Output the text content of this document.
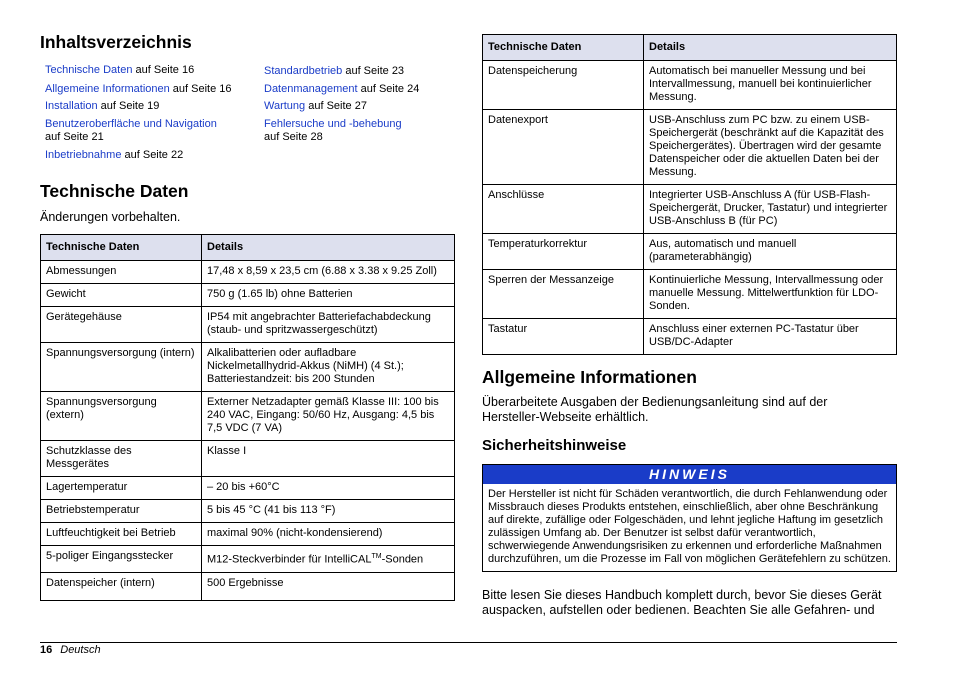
Inhaltsverzeichnis
Technische Daten auf Seite 16
Allgemeine Informationen auf Seite 16
Installation auf Seite 19
Benutzeroberfläche und Navigation
auf Seite 21
Inbetriebnahme auf Seite 22
Standardbetrieb auf Seite 23
Datenmanagement auf Seite 24
Wartung auf Seite 27
Fehlersuche und -behebung
auf Seite 28
Technische Daten
Änderungen vorbehalten.
Technische Daten	Details
Abmessungen	17,48 x 8,59 x 23,5 cm (6.88 x 3.38 x 9.25 Zoll)
Gewicht	750 g (1.65 lb) ohne Batterien
Gerätegehäuse	IP54 mit angebrachter Batteriefachabdeckung (staub- und spritzwassergeschützt)
Spannungsversorgung (intern)	Alkalibatterien oder aufladbare Nickelmetallhydrid-Akkus (NiMH) (4 St.); Batteriestandzeit: bis 200 Stunden
Spannungsversorgung (extern)	Externer Netzadapter gemäß Klasse III: 100 bis 240 VAC, Eingang: 50/60 Hz, Ausgang: 4,5 bis 7,5 VDC (7 VA)
Schutzklasse des Messgerätes	Klasse I
Lagertemperatur	– 20 bis +60°C
Betriebstemperatur	5 bis 45 °C (41 bis 113 °F)
Luftfeuchtigkeit bei Betrieb	maximal 90% (nicht-kondensierend)
5-poliger Eingangsstecker	M12-Steckverbinder für IntelliCAL™-Sonden
Datenspeicher (intern)	500 Ergebnisse
Technische Daten	Details
Datenspeicherung	Automatisch bei manueller Messung und bei Intervallmessung, manuell bei kontinuierlicher Messung.
Datenexport	USB-Anschluss zum PC bzw. zu einem USB-Speichergerät (beschränkt auf die Kapazität des Speichergerätes). Übertragen wird der gesamte Datenspeicher oder die aktuellen Daten bei der Messung.
Anschlüsse	Integrierter USB-Anschluss A (für USB-Flash-Speichergerät, Drucker, Tastatur) und integrierter USB-Anschluss B (für PC)
Temperaturkorrektur	Aus, automatisch und manuell (parameterabhängig)
Sperren der Messanzeige	Kontinuierliche Messung, Intervallmessung oder manuelle Messung. Mittelwertfunktion für LDO-Sonden.
Tastatur	Anschluss einer externen PC-Tastatur über USB/DC-Adapter
Allgemeine Informationen
Überarbeitete Ausgaben der Bedienungsanleitung sind auf der Hersteller-Webseite erhältlich.
Sicherheitshinweise
HINWEIS
Der Hersteller ist nicht für Schäden verantwortlich, die durch Fehlanwendung oder Missbrauch dieses Produkts entstehen, einschließlich, aber ohne Beschränkung auf direkte, zufällige oder Folgeschäden, und lehnt jegliche Haftung im gesetzlich zulässigen Umfang ab. Der Benutzer ist selbst dafür verantwortlich, schwerwiegende Anwendungsrisiken zu erkennen und erforderliche Maßnahmen durchzuführen, um die Prozesse im Fall von möglichen Gerätefehlern zu schützen.
Bitte lesen Sie dieses Handbuch komplett durch, bevor Sie dieses Gerät auspacken, aufstellen oder bedienen. Beachten Sie alle Gefahren- und
16 Deutsch
